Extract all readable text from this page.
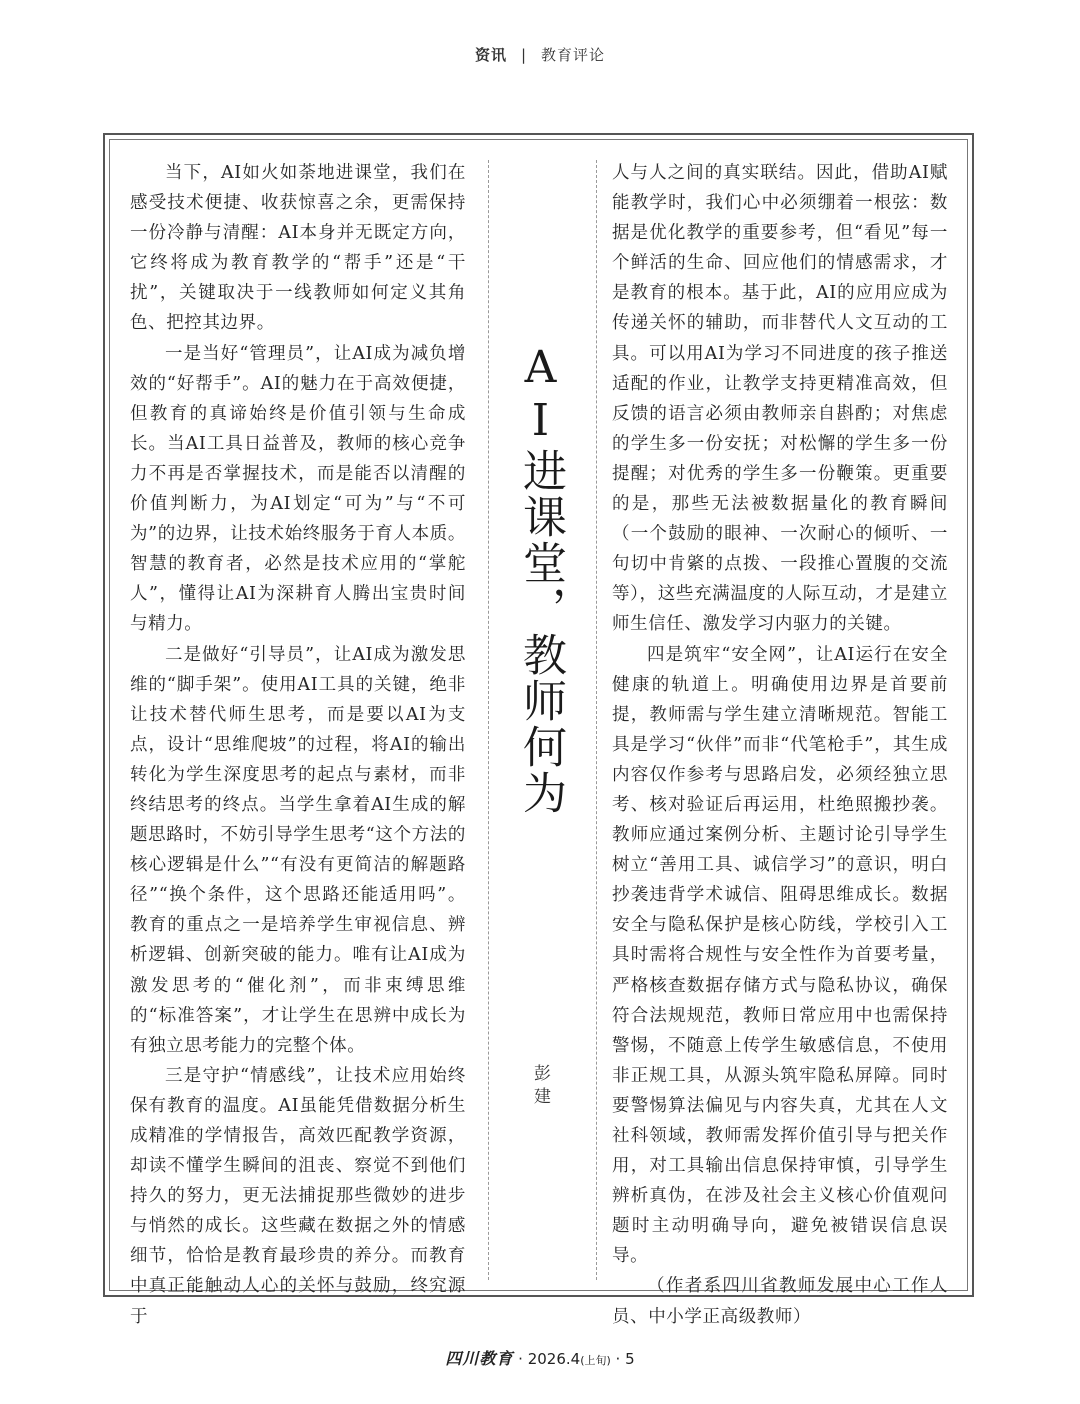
资讯 | 教育评论

当下，AI如火如荼地进课堂，我们在感受技术便捷、收获惊喜之余，更需保持一份冷静与清醒：AI本身并无既定方向，它终将成为教育教学的“帮手”还是“干扰”，关键取决于一线教师如何定义其角色、把控其边界。

一是当好“管理员”，让AI成为减负增效的“好帮手”。AI的魅力在于高效便捷，但教育的真谛始终是价值引领与生命成长。当AI工具日益普及，教师的核心竞争力不再是否掌握技术，而是能否以清醒的价值判断力，为AI划定“可为”与“不可为”的边界，让技术始终服务于育人本质。智慧的教育者，必然是技术应用的“掌舵人”，懂得让AI为深耕育人腾出宝贵时间与精力。

二是做好“引导员”，让AI成为激发思维的“脚手架”。使用AI工具的关键，绝非让技术替代师生思考，而是要以AI为支点，设计“思维爬坡”的过程，将AI的输出转化为学生深度思考的起点与素材，而非终结思考的终点。当学生拿着AI生成的解题思路时，不妨引导学生思考“这个方法的核心逻辑是什么”“有没有更简洁的解题路径”“换个条件，这个思路还能适用吗”。教育的重点之一是培养学生审视信息、辨析逻辑、创新突破的能力。唯有让AI成为激发思考的“催化剂”，而非束缚思维的“标准答案”，才让学生在思辨中成长为有独立思考能力的完整个体。

三是守护“情感线”，让技术应用始终保有教育的温度。AI虽能凭借数据分析生成精准的学情报告，高效匹配教学资源，却读不懂学生瞬间的沮丧、察觉不到他们持久的努力，更无法捕捉那些微妙的进步与悄然的成长。这些藏在数据之外的情感细节，恰恰是教育最珍贵的养分。而教育中真正能触动人心的关怀与鼓励，终究源于

AI进课堂，教师何为
彭建

人与人之间的真实联结。因此，借助AI赋能教学时，我们心中必须绷着一根弦：数据是优化教学的重要参考，但“看见”每一个鲜活的生命、回应他们的情感需求，才是教育的根本。基于此，AI的应用应成为传递关怀的辅助，而非替代人文互动的工具。可以用AI为学习不同进度的孩子推送适配的作业，让教学支持更精准高效，但反馈的语言必须由教师亲自斟酌；对焦虑的学生多一份安抚；对松懈的学生多一份提醒；对优秀的学生多一份鞭策。更重要的是，那些无法被数据量化的教育瞬间（一个鼓励的眼神、一次耐心的倾听、一句切中肯綮的点拨、一段推心置腹的交流等），这些充满温度的人际互动，才是建立师生信任、激发学习内驱力的关键。

四是筑牢“安全网”，让AI运行在安全健康的轨道上。明确使用边界是首要前提，教师需与学生建立清晰规范。智能工具是学习“伙伴”而非“代笔枪手”，其生成内容仅作参考与思路启发，必须经独立思考、核对验证后再运用，杜绝照搬抄袭。教师应通过案例分析、主题讨论引导学生树立“善用工具、诚信学习”的意识，明白抄袭违背学术诚信、阻碍思维成长。数据安全与隐私保护是核心防线，学校引入工具时需将合规性与安全性作为首要考量，严格核查数据存储方式与隐私协议，确保符合法规规范，教师日常应用中也需保持警惕，不随意上传学生敏感信息，不使用非正规工具，从源头筑牢隐私屏障。同时要警惕算法偏见与内容失真，尤其在人文社科领域，教师需发挥价值引导与把关作用，对工具输出信息保持审慎，引导学生辨析真伪，在涉及社会主义核心价值观问题时主动明确导向，避免被错误信息误导。

（作者系四川省教师发展中心工作人员、中小学正高级教师）

四川教育 · 2026.4(上旬) · 5
